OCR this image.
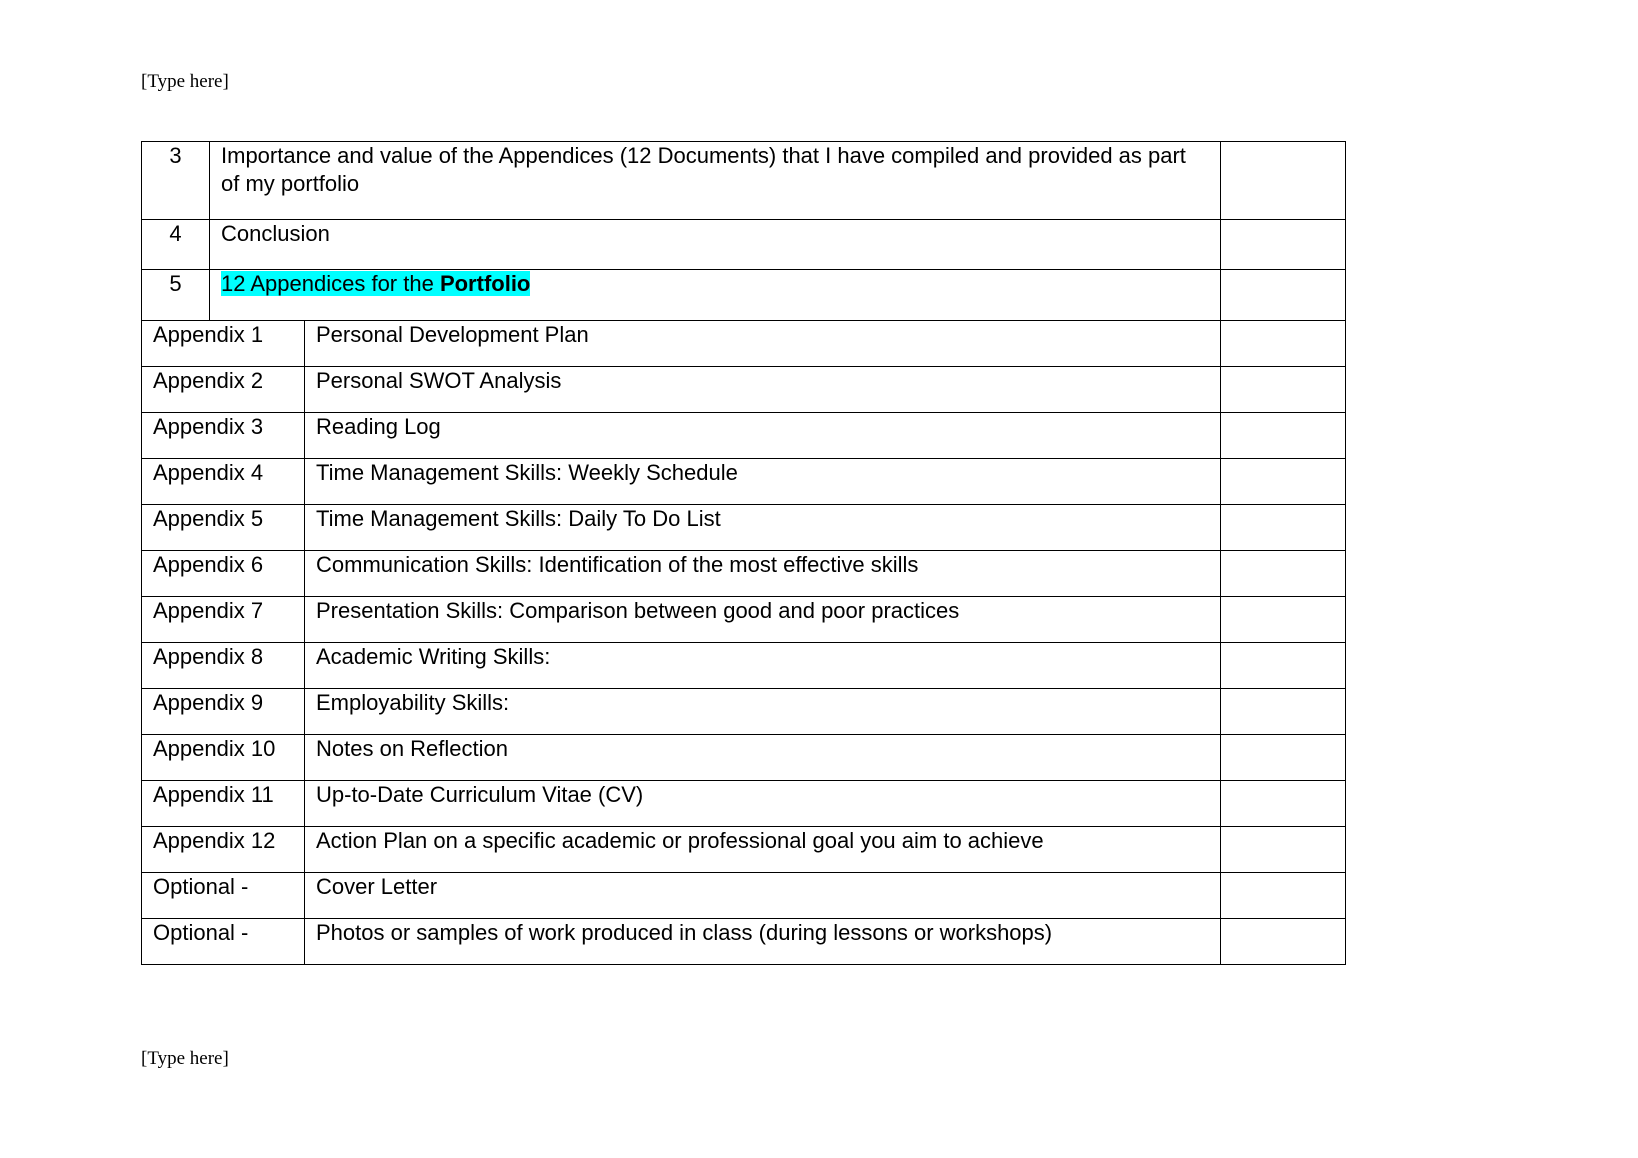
[Type here]
3	Importance and value of the Appendices (12 Documents) that I have compiled and provided as part of my portfolio		
4	Conclusion		
5	12 Appendices for the Portfolio		
Appendix 1		Personal Development Plan	
Appendix 2		Personal SWOT Analysis	
Appendix 3		Reading Log	
Appendix 4		Time Management Skills: Weekly Schedule	
Appendix 5		Time Management Skills: Daily To Do List	
Appendix 6		Communication Skills: Identification of the most effective skills	
Appendix 7		Presentation Skills: Comparison between good and poor practices	
Appendix 8		Academic Writing Skills:	
Appendix 9		Employability Skills:	
Appendix 10		Notes on Reflection	
Appendix 11		Up-to-Date Curriculum Vitae (CV)	
Appendix 12		Action Plan on a specific academic or professional goal you aim to achieve	
Optional -		Cover Letter	
Optional -		Photos or samples of work produced in class (during lessons or workshops)	
[Type here]
